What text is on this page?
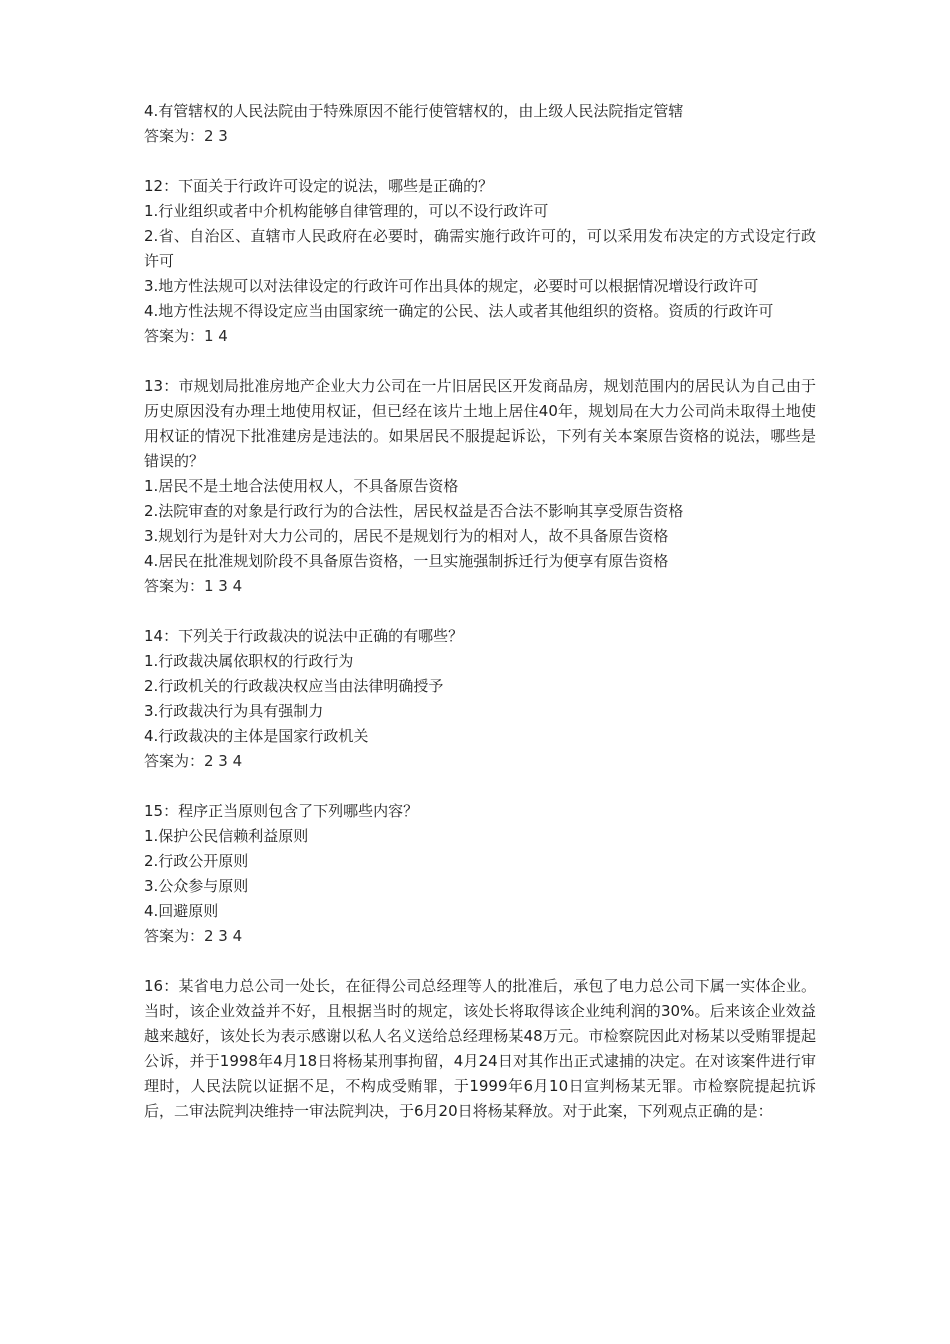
4.有管辖权的人民法院由于特殊原因不能行使管辖权的，由上级人民法院指定管辖
答案为：2 3
12：下面关于行政许可设定的说法，哪些是正确的？
1.行业组织或者中介机构能够自律管理的，可以不设行政许可
2.省、自治区、直辖市人民政府在必要时，确需实施行政许可的，可以采用发布决定的方式设定行政许可
3.地方性法规可以对法律设定的行政许可作出具体的规定，必要时可以根据情况增设行政许可
4.地方性法规不得设定应当由国家统一确定的公民、法人或者其他组织的资格。资质的行政许可
答案为：1 4
13：市规划局批准房地产企业大力公司在一片旧居民区开发商品房，规划范围内的居民认为自己由于历史原因没有办理土地使用权证，但已经在该片土地上居住40年，规划局在大力公司尚未取得土地使用权证的情况下批准建房是违法的。如果居民不服提起诉讼，下列有关本案原告资格的说法，哪些是错误的？
1.居民不是土地合法使用权人，不具备原告资格
2.法院审查的对象是行政行为的合法性，居民权益是否合法不影响其享受原告资格
3.规划行为是针对大力公司的，居民不是规划行为的相对人，故不具备原告资格
4.居民在批准规划阶段不具备原告资格，一旦实施强制拆迁行为便享有原告资格
答案为：1 3 4
14：下列关于行政裁决的说法中正确的有哪些？
1.行政裁决属依职权的行政行为
2.行政机关的行政裁决权应当由法律明确授予
3.行政裁决行为具有强制力
4.行政裁决的主体是国家行政机关
答案为：2 3 4
15：程序正当原则包含了下列哪些内容？
1.保护公民信赖利益原则
2.行政公开原则
3.公众参与原则
4.回避原则
答案为：2 3 4
16：某省电力总公司一处长，在征得公司总经理等人的批准后，承包了电力总公司下属一实体企业。当时，该企业效益并不好，且根据当时的规定，该处长将取得该企业纯利润的30%。后来该企业效益越来越好，该处长为表示感谢以私人名义送给总经理杨某48万元。市检察院因此对杨某以受贿罪提起公诉，并于1998年4月18日将杨某刑事拘留，4月24日对其作出正式逮捕的决定。在对该案件进行审理时，人民法院以证据不足，不构成受贿罪，于1999年6月10日宣判杨某无罪。市检察院提起抗诉后，二审法院判决维持一审法院判决，于6月20日将杨某释放。对于此案，下列观点正确的是：
